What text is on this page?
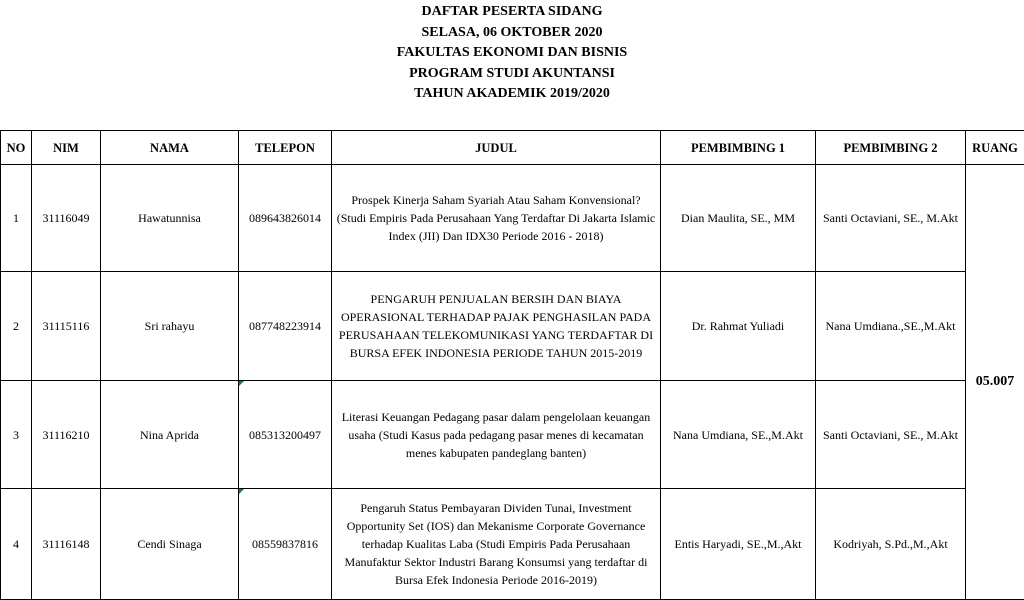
DAFTAR PESERTA SIDANG
SELASA, 06 OKTOBER 2020
FAKULTAS EKONOMI DAN BISNIS
PROGRAM STUDI AKUNTANSI
TAHUN AKADEMIK 2019/2020
NO	NIM	NAMA	TELEPON	JUDUL	PEMBIMBING 1	PEMBIMBING 2	RUANG
1	31116049	Hawatunnisa	089643826014	Prospek Kinerja Saham Syariah Atau Saham Konvensional? (Studi Empiris Pada Perusahaan Yang Terdaftar Di Jakarta Islamic Index (JII) Dan IDX30 Periode 2016 - 2018)	Dian Maulita, SE., MM	Santi Octaviani, SE., M.Akt	05.007
2	31115116	Sri rahayu	087748223914	PENGARUH PENJUALAN BERSIH DAN BIAYA OPERASIONAL TERHADAP PAJAK PENGHASILAN PADA PERUSAHAAN TELEKOMUNIKASI YANG TERDAFTAR DI BURSA EFEK INDONESIA PERIODE TAHUN 2015-2019	Dr. Rahmat Yuliadi	Nana Umdiana.,SE.,M.Akt	
3	31116210	Nina Aprida	085313200497	Literasi Keuangan Pedagang pasar dalam pengelolaan keuangan usaha (Studi Kasus pada pedagang pasar menes di kecamatan menes kabupaten pandeglang banten)	Nana Umdiana, SE.,M.Akt	Santi Octaviani, SE., M.Akt	
4	31116148	Cendi Sinaga	08559837816	Pengaruh Status Pembayaran Dividen Tunai, Investment Opportunity Set (IOS) dan Mekanisme Corporate Governance terhadap Kualitas Laba (Studi Empiris Pada Perusahaan Manufaktur Sektor Industri Barang Konsumsi yang terdaftar di Bursa Efek Indonesia Periode 2016-2019)	Entis Haryadi, SE.,M.,Akt	Kodriyah, S.Pd.,M.,Akt	
